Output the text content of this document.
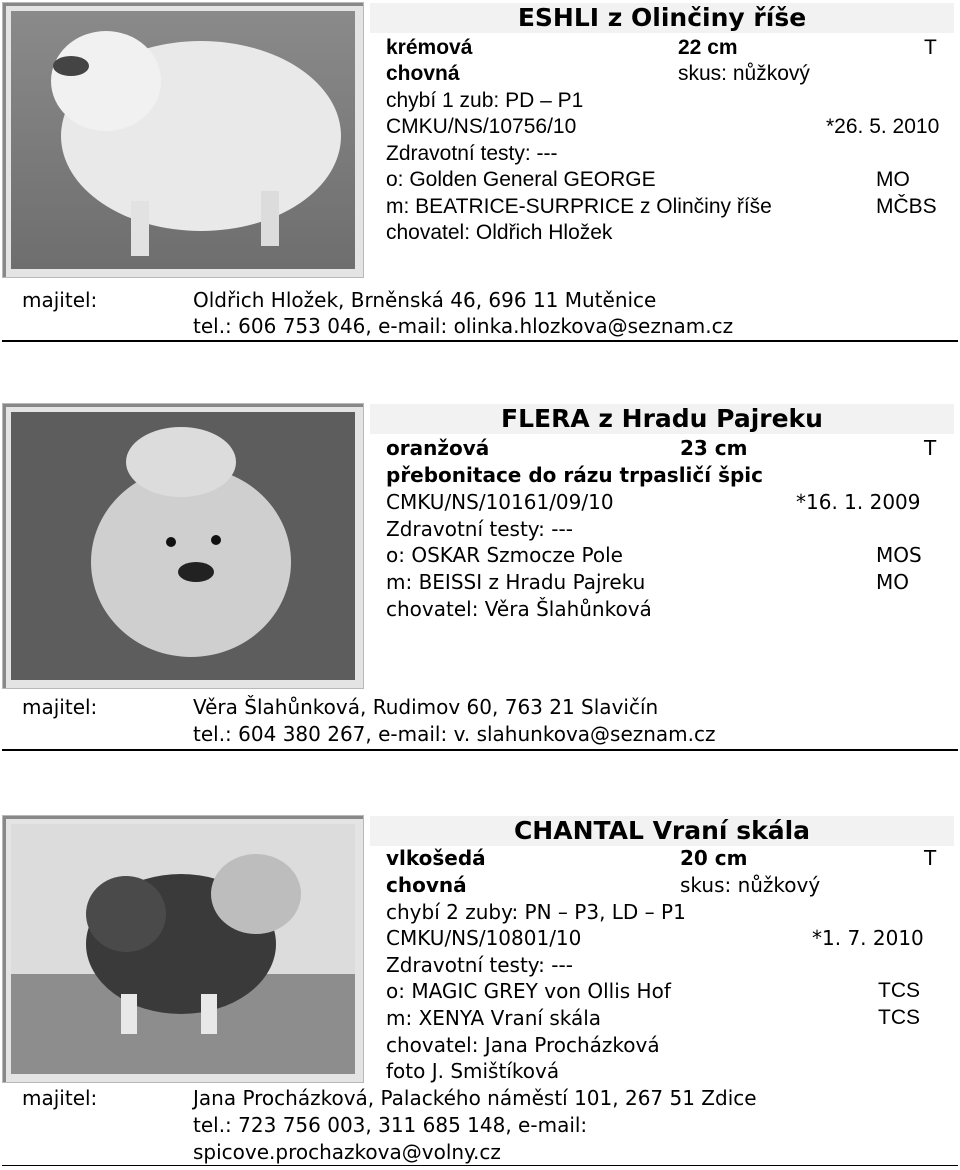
ESHLI z Olinčiny říše
krémová	22 cm	T
chovná	skus: nůžkový
chybí 1 zub: PD – P1
CMKU/NS/10756/10	*26. 5. 2010
Zdravotní testy: ---
o: Golden General GEORGE	MO
m: BEATRICE-SURPRICE z Olinčiny říše	MČBS
chovatel: Oldřich Hložek
majitel:	Oldřich Hložek, Brněnská 46, 696 11 Mutěnice
tel.: 606 753 046, e-mail: olinka.hlozkova@seznam.cz
FLERA z Hradu Pajreku
oranžová	23 cm	T
přebonitace do rázu trpasličí špic
CMKU/NS/10161/09/10	*16. 1. 2009
Zdravotní testy: ---
o: OSKAR Szmocze Pole	MOS
m: BEISSI z Hradu Pajreku	MO
chovatel: Věra Šlahůnková
majitel:	Věra Šlahůnková, Rudimov 60, 763 21 Slavičín
tel.: 604 380 267, e-mail: v. slahunkova@seznam.cz
CHANTAL Vraní skála
vlkošedá	20 cm	T
chovná	skus: nůžkový
chybí 2 zuby: PN – P3, LD – P1
CMKU/NS/10801/10	*1. 7. 2010
Zdravotní testy: ---
o: MAGIC GREY von Ollis Hof	TCS
m: XENYA Vraní skála	TCS
chovatel: Jana Procházková
foto J. Smištíková
majitel:	Jana Procházková, Palackého náměstí 101, 267 51 Zdice
tel.: 723 756 003, 311 685 148, e-mail:
spicove.prochazkova@volny.cz
